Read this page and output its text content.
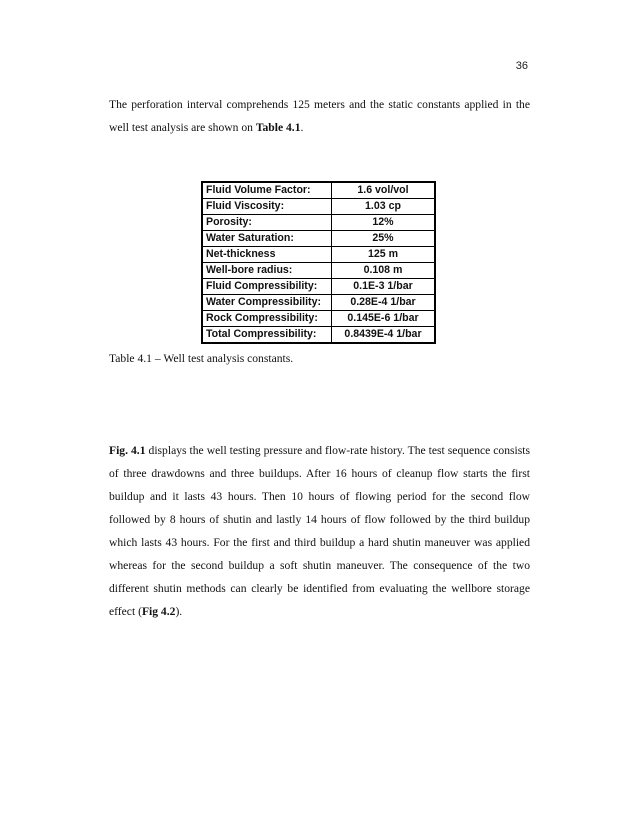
36

The perforation interval comprehends 125 meters and the static constants applied in the well test analysis are shown on Table 4.1.

Fluid Volume Factor:	1.6 vol/vol
Fluid Viscosity:	1.03 cp
Porosity:	12%
Water Saturation:	25%
Net-thickness	125 m
Well-bore radius:	0.108 m
Fluid Compressibility:	0.1E-3 1/bar
Water Compressibility:	0.28E-4 1/bar
Rock Compressibility:	0.145E-6 1/bar
Total Compressibility:	0.8439E-4 1/bar

Table 4.1 – Well test analysis constants.

Fig. 4.1 displays the well testing pressure and flow-rate history. The test sequence consists of three drawdowns and three buildups. After 16 hours of cleanup flow starts the first buildup and it lasts 43 hours. Then 10 hours of flowing period for the second flow followed by 8 hours of shutin and lastly 14 hours of flow followed by the third buildup which lasts 43 hours. For the first and third buildup a hard shutin maneuver was applied whereas for the second buildup a soft shutin maneuver. The consequence of the two different shutin methods can clearly be identified from evaluating the wellbore storage effect (Fig 4.2).
